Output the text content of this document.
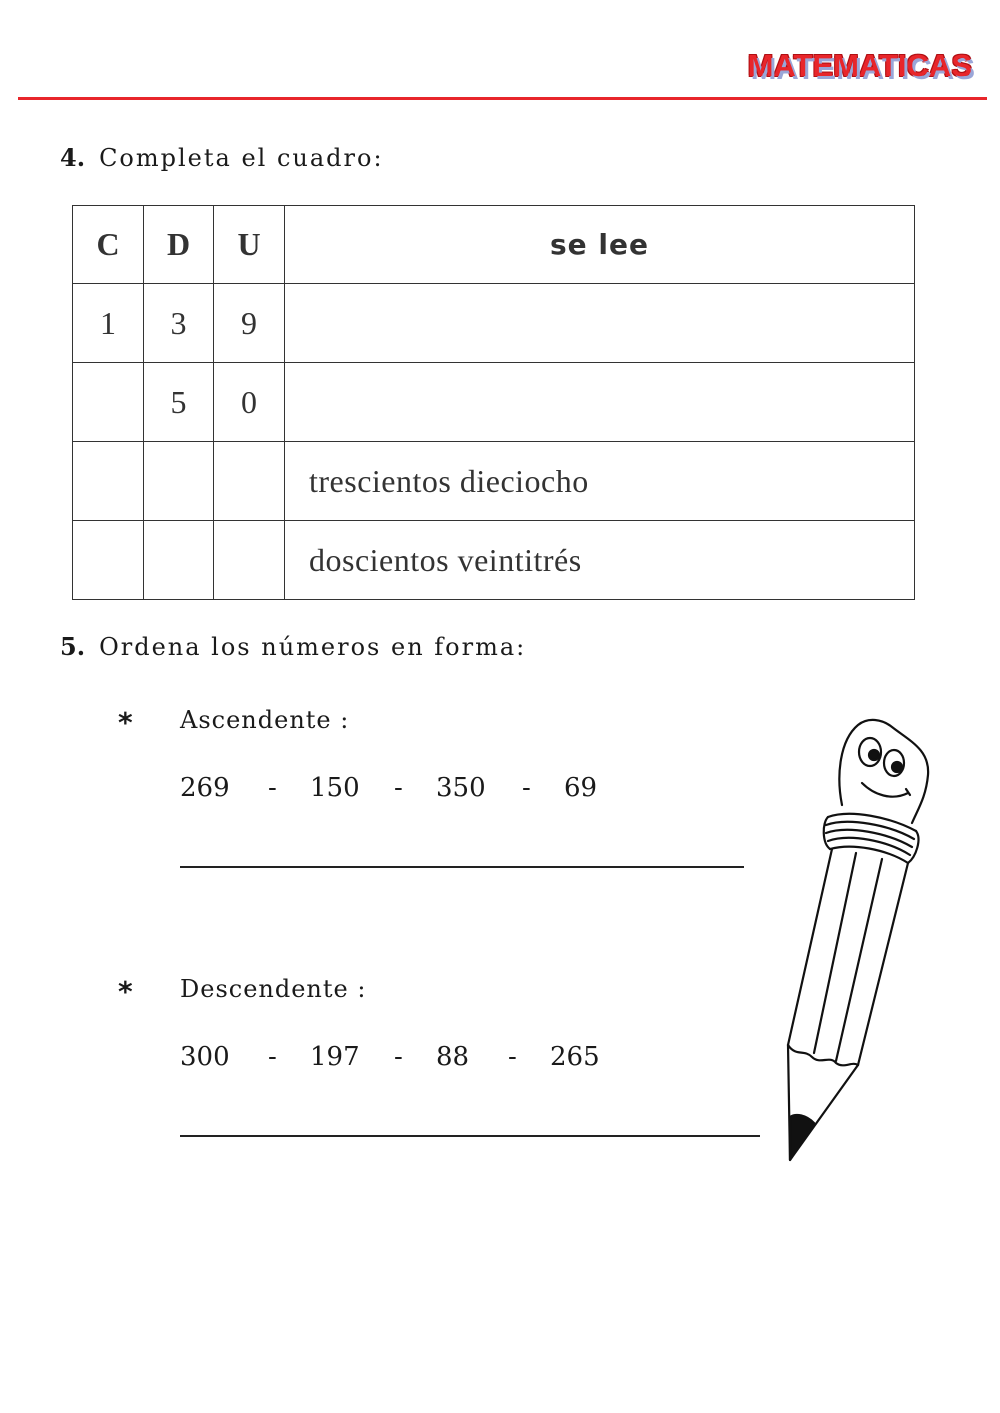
MATEMATICAS
4. Completa el cuadro:
C	D	U	se lee
1	3	9	
	5	0	
			trescientos dieciocho
			doscientos veintitrés
5. Ordena los números en forma:
* Ascendente :
269	-	150	-	350	-	69
* Descendente :
300	-	197	-	88	-	265
